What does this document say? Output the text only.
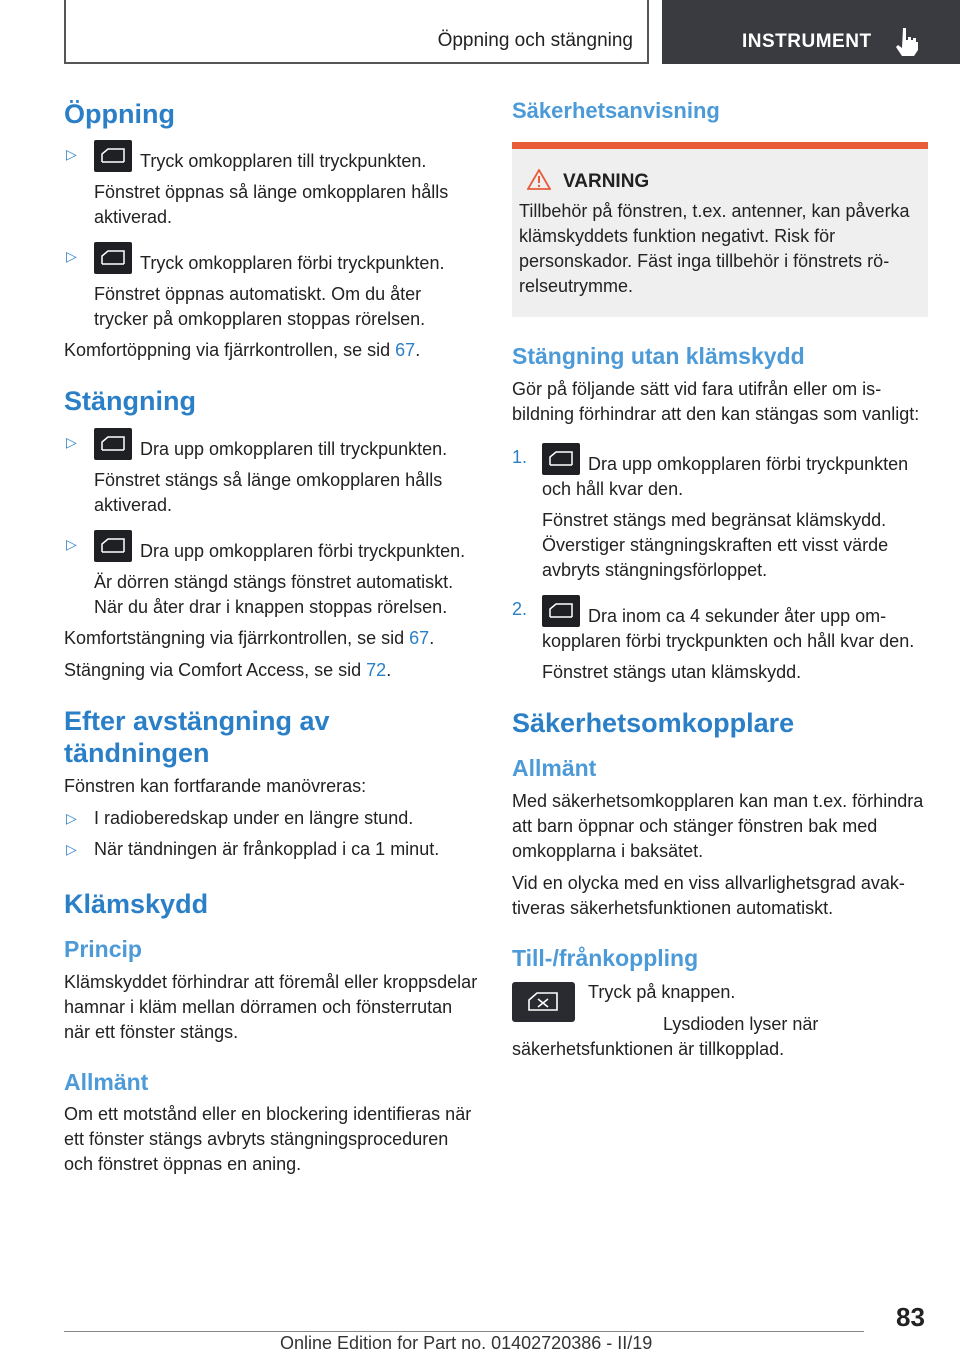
Öppning och stängning	INSTRUMENT
Öppning
▷	Tryck omkopplaren till tryckpunkten.
Fönstret öppnas så länge omkopplaren hålls aktiverad.
▷	Tryck omkopplaren förbi tryckpunkten.
Fönstret öppnas automatiskt. Om du åter trycker på omkopplaren stoppas rörelsen.

Komfortöppning via fjärrkontrollen, se sid 67.

Stängning
▷	Dra upp omkopplaren till tryckpunkten.
Fönstret stängs så länge omkopplaren hålls aktiverad.
▷	Dra upp omkopplaren förbi tryckpunkten.
Är dörren stängd stängs fönstret automatiskt. När du åter drar i knappen stoppas rörelsen.

Komfortstängning via fjärrkontrollen, se sid 67.

Stängning via Comfort Access, se sid 72.

Efter avstängning av tändningen

Fönstren kan fortfarande manövreras:

▷ I radioberedskap under en längre stund.
▷ När tändningen är frånkopplad i ca 1 minut.
Klämskydd
Princip

Klämskyddet förhindrar att föremål eller kroppsdelar hamnar i kläm mellan dörramen och fönsterrutan när ett fönster stängs.

Allmänt

Om ett motstånd eller en blockering identifieras när ett fönster stängs avbryts stängningsproceduren och fönstret öppnas en aning.

Säkerhetsanvisning
VARNING

Tillbehör på fönstren, t.ex. antenner, kan påverka klämskyddets funktion negativt. Risk för personskador. Fäst inga tillbehör i fönstrets rörelseutrymme.

Stängning utan klämskydd

Gör på följande sätt vid fara utifrån eller om isbildning förhindrar att den kan stängas som vanligt:

1.	Dra upp omkopplaren förbi tryckpunkten och håll kvar den.
Fönstret stängs med begränsat klämskydd. Överstiger stängningskraften ett visst värde avbryts stängningsförloppet.
2.	Dra inom ca 4 sekunder åter upp omkopplaren förbi tryckpunkten och håll kvar den.
Fönstret stängs utan klämskydd.
Säkerhetsomkopplare
Allmänt

Med säkerhetsomkopplaren kan man t.ex. förhindra att barn öppnar och stänger fönstren bak med omkopplarna i baksätet.

Vid en olycka med en viss allvarlighetsgrad avaktiveras säkerhetsfunktionen automatiskt.

Till-/frånkoppling

Tryck på knappen.

Lysdioden lyser när säkerhetsfunktionen är tillkopplad.

83
Online Edition for Part no. 01402720386 - II/19
